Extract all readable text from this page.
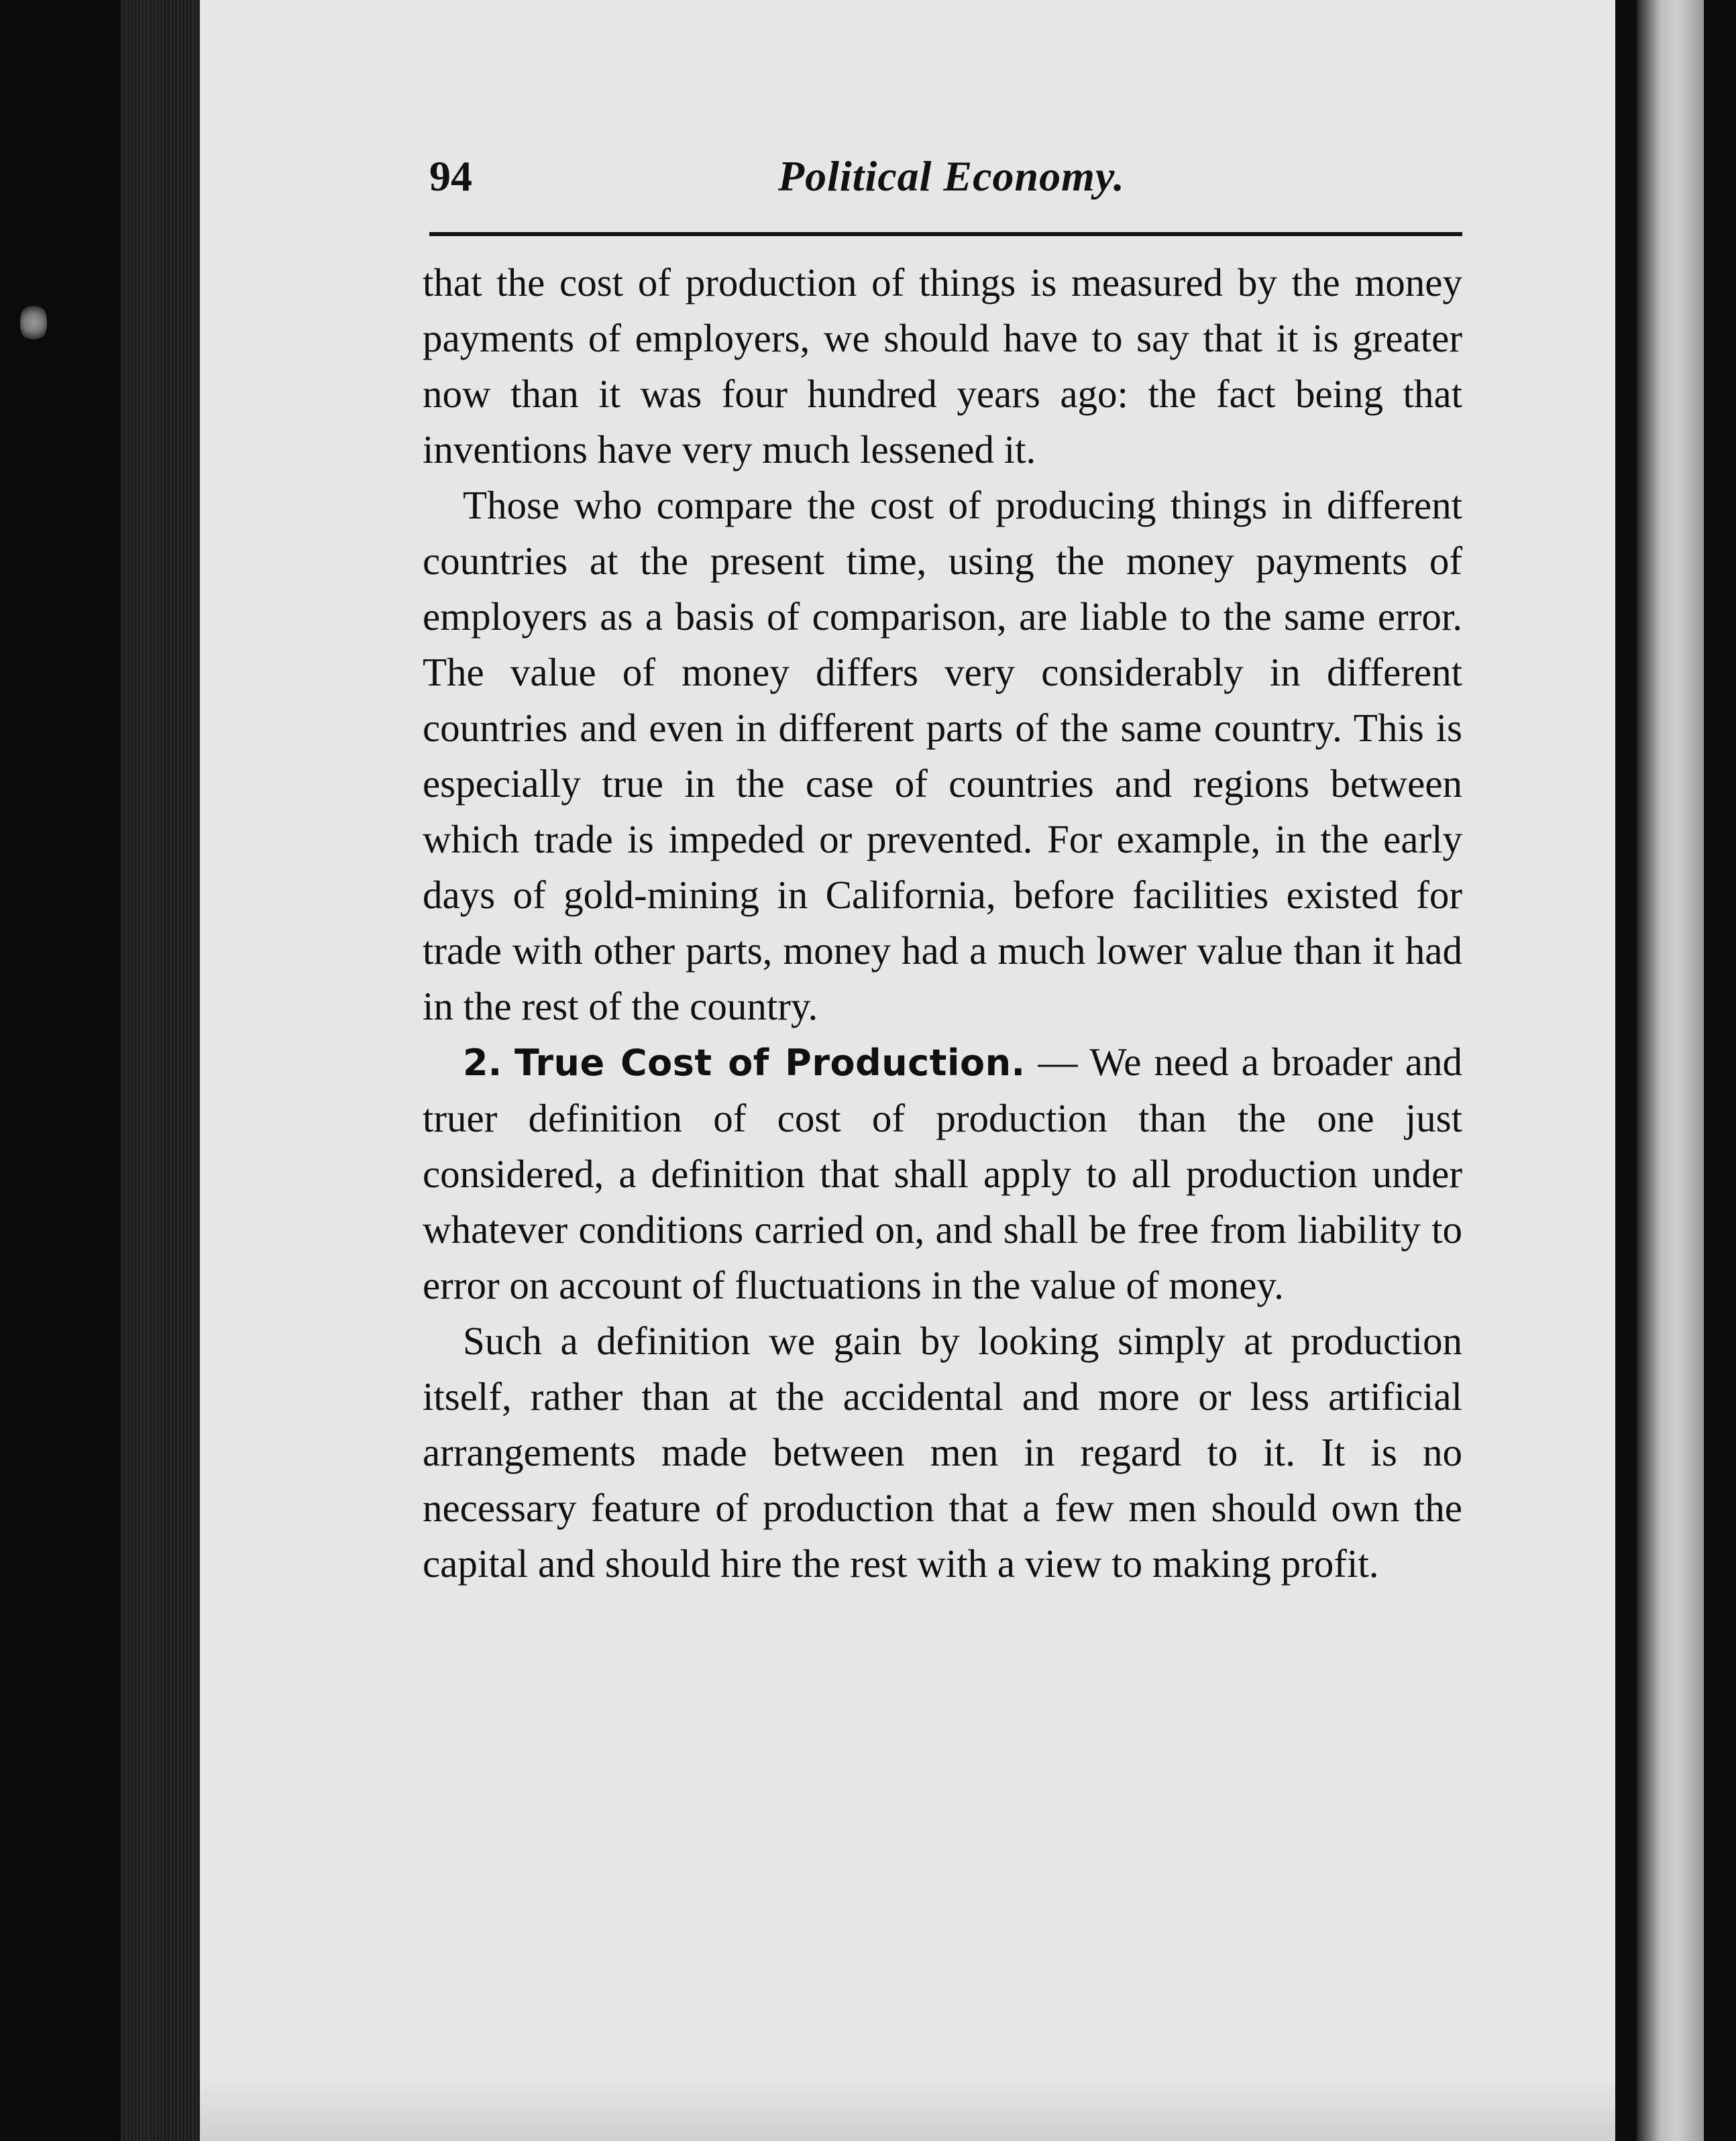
94	Political Economy.

that the cost of production of things is measured by the money payments of employers, we should have to say that it is greater now than it was four hundred years ago: the fact being that inventions have very much lessened it.

Those who compare the cost of producing things in different countries at the present time, using the money payments of employers as a basis of comparison, are liable to the same error. The value of money differs very considerably in different countries and even in different parts of the same country. This is especially true in the case of countries and regions between which trade is impeded or prevented. For example, in the early days of gold-mining in California, before facilities existed for trade with other parts, money had a much lower value than it had in the rest of the country.

2. True Cost of Production. — We need a broader and truer definition of cost of production than the one just considered, a definition that shall apply to all production under whatever conditions carried on, and shall be free from liability to error on account of fluctuations in the value of money.

Such a definition we gain by looking simply at production itself, rather than at the accidental and more or less artificial arrangements made between men in regard to it. It is no necessary feature of production that a few men should own the capital and should hire the rest with a view to making profit.
